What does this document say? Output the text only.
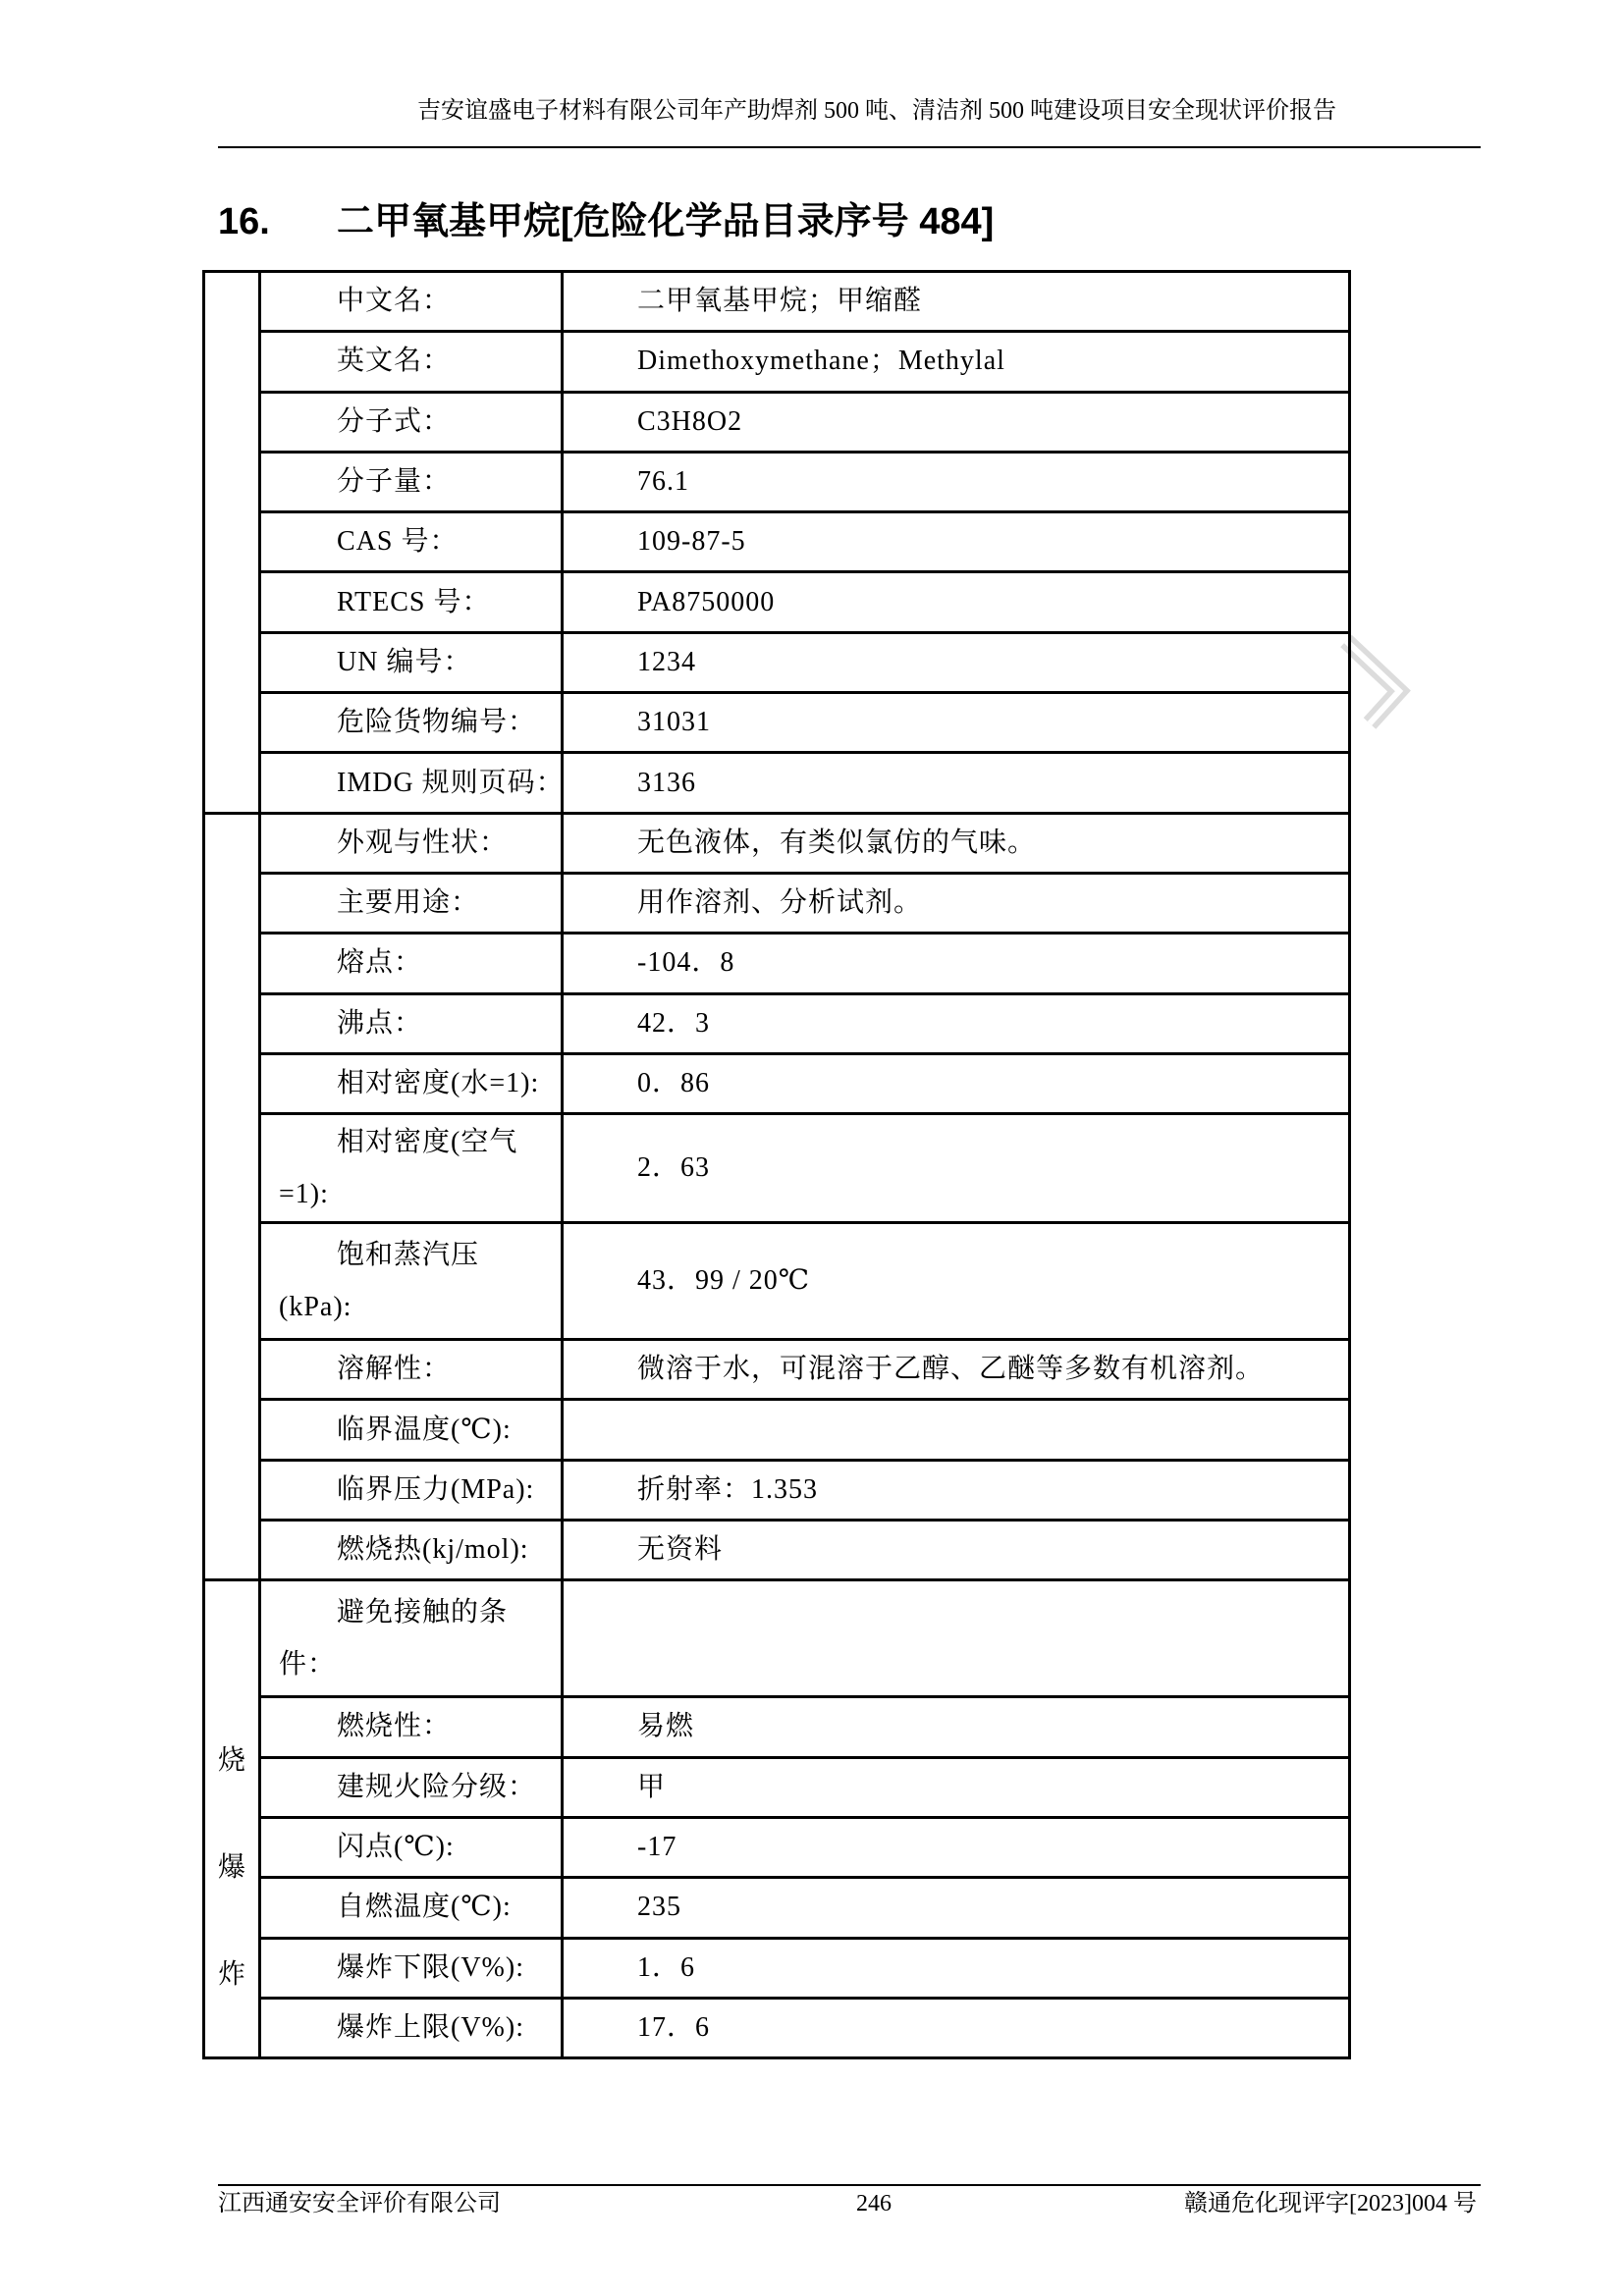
吉安谊盛电子材料有限公司年产助焊剂 500 吨、清洁剂 500 吨建设项目安全现状评价报告
16. 二甲氧基甲烷[危险化学品目录序号 484]
	中文名：	二甲氧基甲烷；甲缩醛
	英文名：	Dimethoxymethane；Methylal
	分子式：	C3H8O2
	分子量：	76.1
	CAS 号：	109-87-5
	RTECS 号：	PA8750000
	UN 编号：	1234
	危险货物编号：	31031
	IMDG 规则页码：	3136
	外观与性状：	无色液体，有类似氯仿的气味。
	主要用途：	用作溶剂、分析试剂。
	熔点：	-104．8
	沸点：	42．3
	相对密度(水=1):	0．86

	相对密度(空气
=1):	2．63

	饱和蒸汽压
(kPa):	43．99 / 20℃
	溶解性：	微溶于水，可混溶于乙醇、乙醚等多数有机溶剂。
	临界温度(℃):	
	临界压力(MPa):	折射率：1.353
	燃烧热(kj/mol):	无资料

烧
爆
炸	避免接触的条
件：	

	燃烧性：	易燃
	建规火险分级：	甲
	闪点(℃):	-17
	自燃温度(℃):	235
	爆炸下限(V%):	1．6
	爆炸上限(V%):	17．6
江西通安安全评价有限公司	246	赣通危化现评字[2023]004 号
